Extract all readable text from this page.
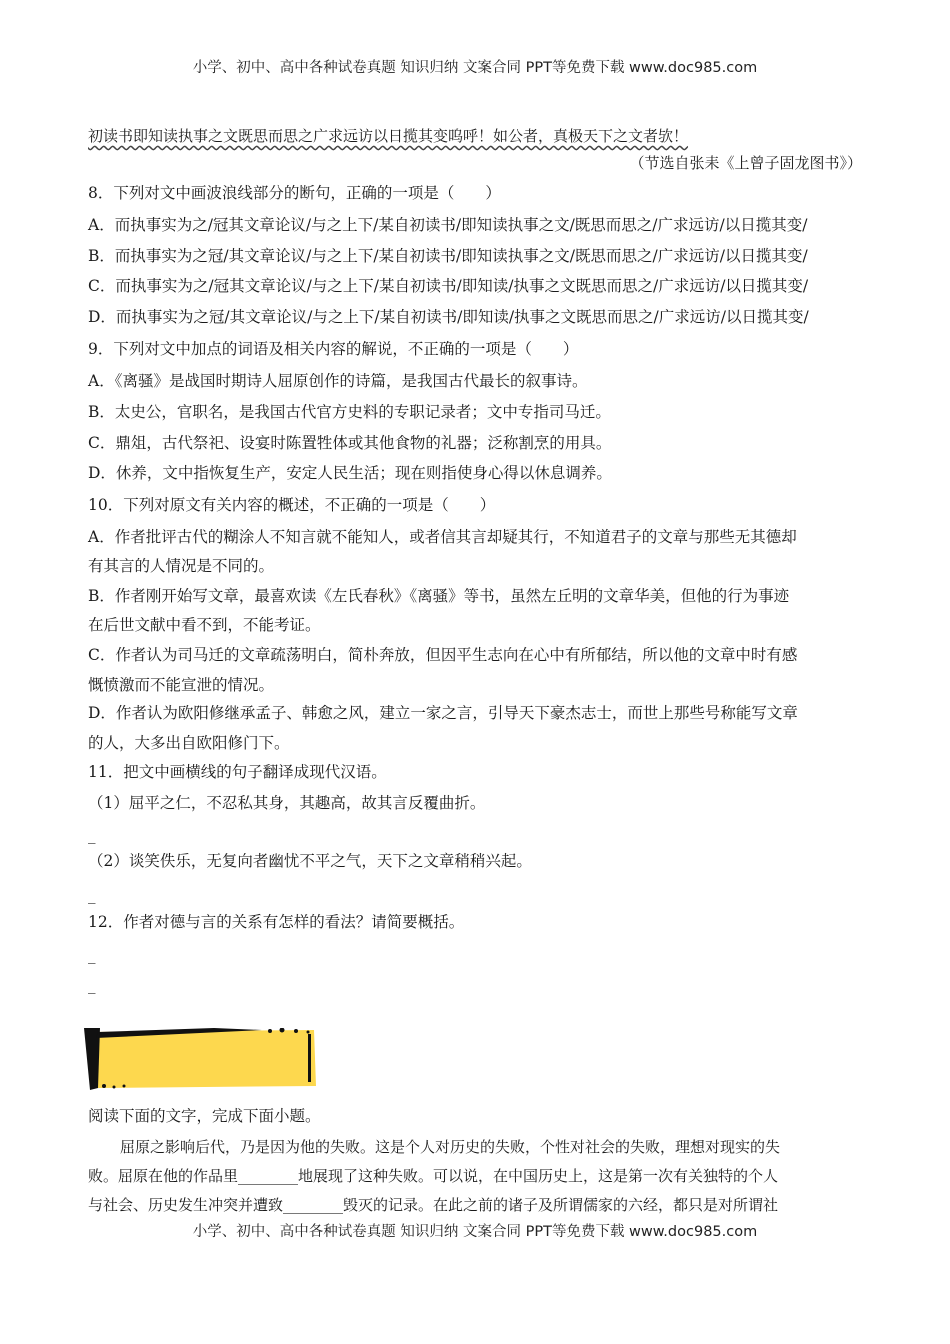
小学、初中、高中各种试卷真题 知识归纳 文案合同 PPT等免费下载 www.doc985.com
初读书即知读执事之文既思而思之广求远访以日揽其变呜呼！如公者，真极天下之文者欤！
（节选自张耒《上曾子固龙图书》）
8．下列对文中画波浪线部分的断句，正确的一项是（　　）
A．而执事实为之/冠其文章论议/与之上下/某自初读书/即知读执事之文/既思而思之/广求远访/以日揽其变/
B．而执事实为之冠/其文章论议/与之上下/某自初读书/即知读执事之文/既思而思之/广求远访/以日揽其变/
C．而执事实为之/冠其文章论议/与之上下/某自初读书/即知读/执事之文既思而思之/广求远访/以日揽其变/
D．而执事实为之冠/其文章论议/与之上下/某自初读书/即知读/执事之文既思而思之/广求远访/以日揽其变/
9．下列对文中加点的词语及相关内容的解说，不正确的一项是（　　）
A．《离骚》是战国时期诗人屈原创作的诗篇，是我国古代最长的叙事诗。
B．太史公，官职名，是我国古代官方史料的专职记录者；文中专指司马迁。
C．鼎俎，古代祭祀、设宴时陈置牲体或其他食物的礼器；泛称割烹的用具。
D．休养，文中指恢复生产，安定人民生活；现在则指使身心得以休息调养。
10．下列对原文有关内容的概述，不正确的一项是（　　）
A．作者批评古代的糊涂人不知言就不能知人，或者信其言却疑其行，不知道君子的文章与那些无其德却
有其言的人情况是不同的。
B．作者刚开始写文章，最喜欢读《左氏春秋》《离骚》等书，虽然左丘明的文章华美，但他的行为事迹
在后世文献中看不到，不能考证。
C．作者认为司马迁的文章疏荡明白，简朴奔放，但因平生志向在心中有所郁结，所以他的文章中时有感
慨愤激而不能宣泄的情况。
D．作者认为欧阳修继承孟子、韩愈之风，建立一家之言，引导天下豪杰志士，而世上那些号称能写文章
的人，大多出自欧阳修门下。
11．把文中画横线的句子翻译成现代汉语。
（1）屈平之仁，不忍私其身，其趣高，故其言反覆曲折。
_
（2）谈笑佚乐，无复向者幽忧不平之气，天下之文章稍稍兴起。
_
12．作者对德与言的关系有怎样的看法？请简要概括。
_
_
阅读下面的文字，完成下面小题。
屈原之影响后代，乃是因为他的失败。这是个人对历史的失败，个性对社会的失败，理想对现实的失
败。屈原在他的作品里________地展现了这种失败。可以说，在中国历史上，这是第一次有关独特的个人
与社会、历史发生冲突并遭致________毁灭的记录。在此之前的诸子及所谓儒家的六经，都只是对所谓社
小学、初中、高中各种试卷真题 知识归纳 文案合同 PPT等免费下载 www.doc985.com
